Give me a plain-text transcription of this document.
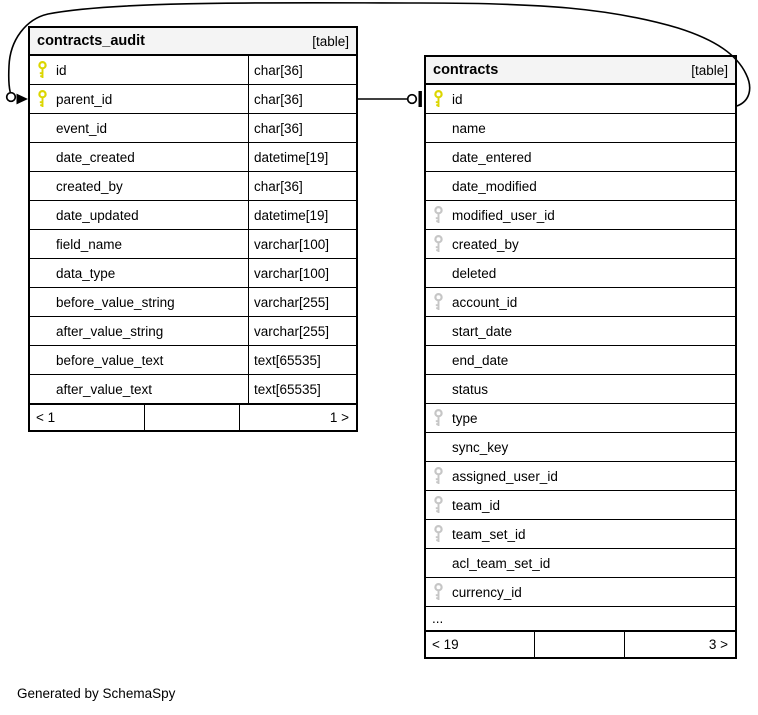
contracts_audit	[table]
id	char[36]
parent_id	char[36]
event_id	char[36]
date_created	datetime[19]
created_by	char[36]
date_updated	datetime[19]
field_name	varchar[100]
data_type	varchar[100]
before_value_string	varchar[255]
after_value_string	varchar[255]
before_value_text	text[65535]
after_value_text	text[65535]
< 1	1 >
contracts	[table]
id
name
date_entered
date_modified
modified_user_id
created_by
deleted
account_id
start_date
end_date
status
type
sync_key
assigned_user_id
team_id
team_set_id
acl_team_set_id
currency_id
...
< 19	3 >
Generated by SchemaSpy
